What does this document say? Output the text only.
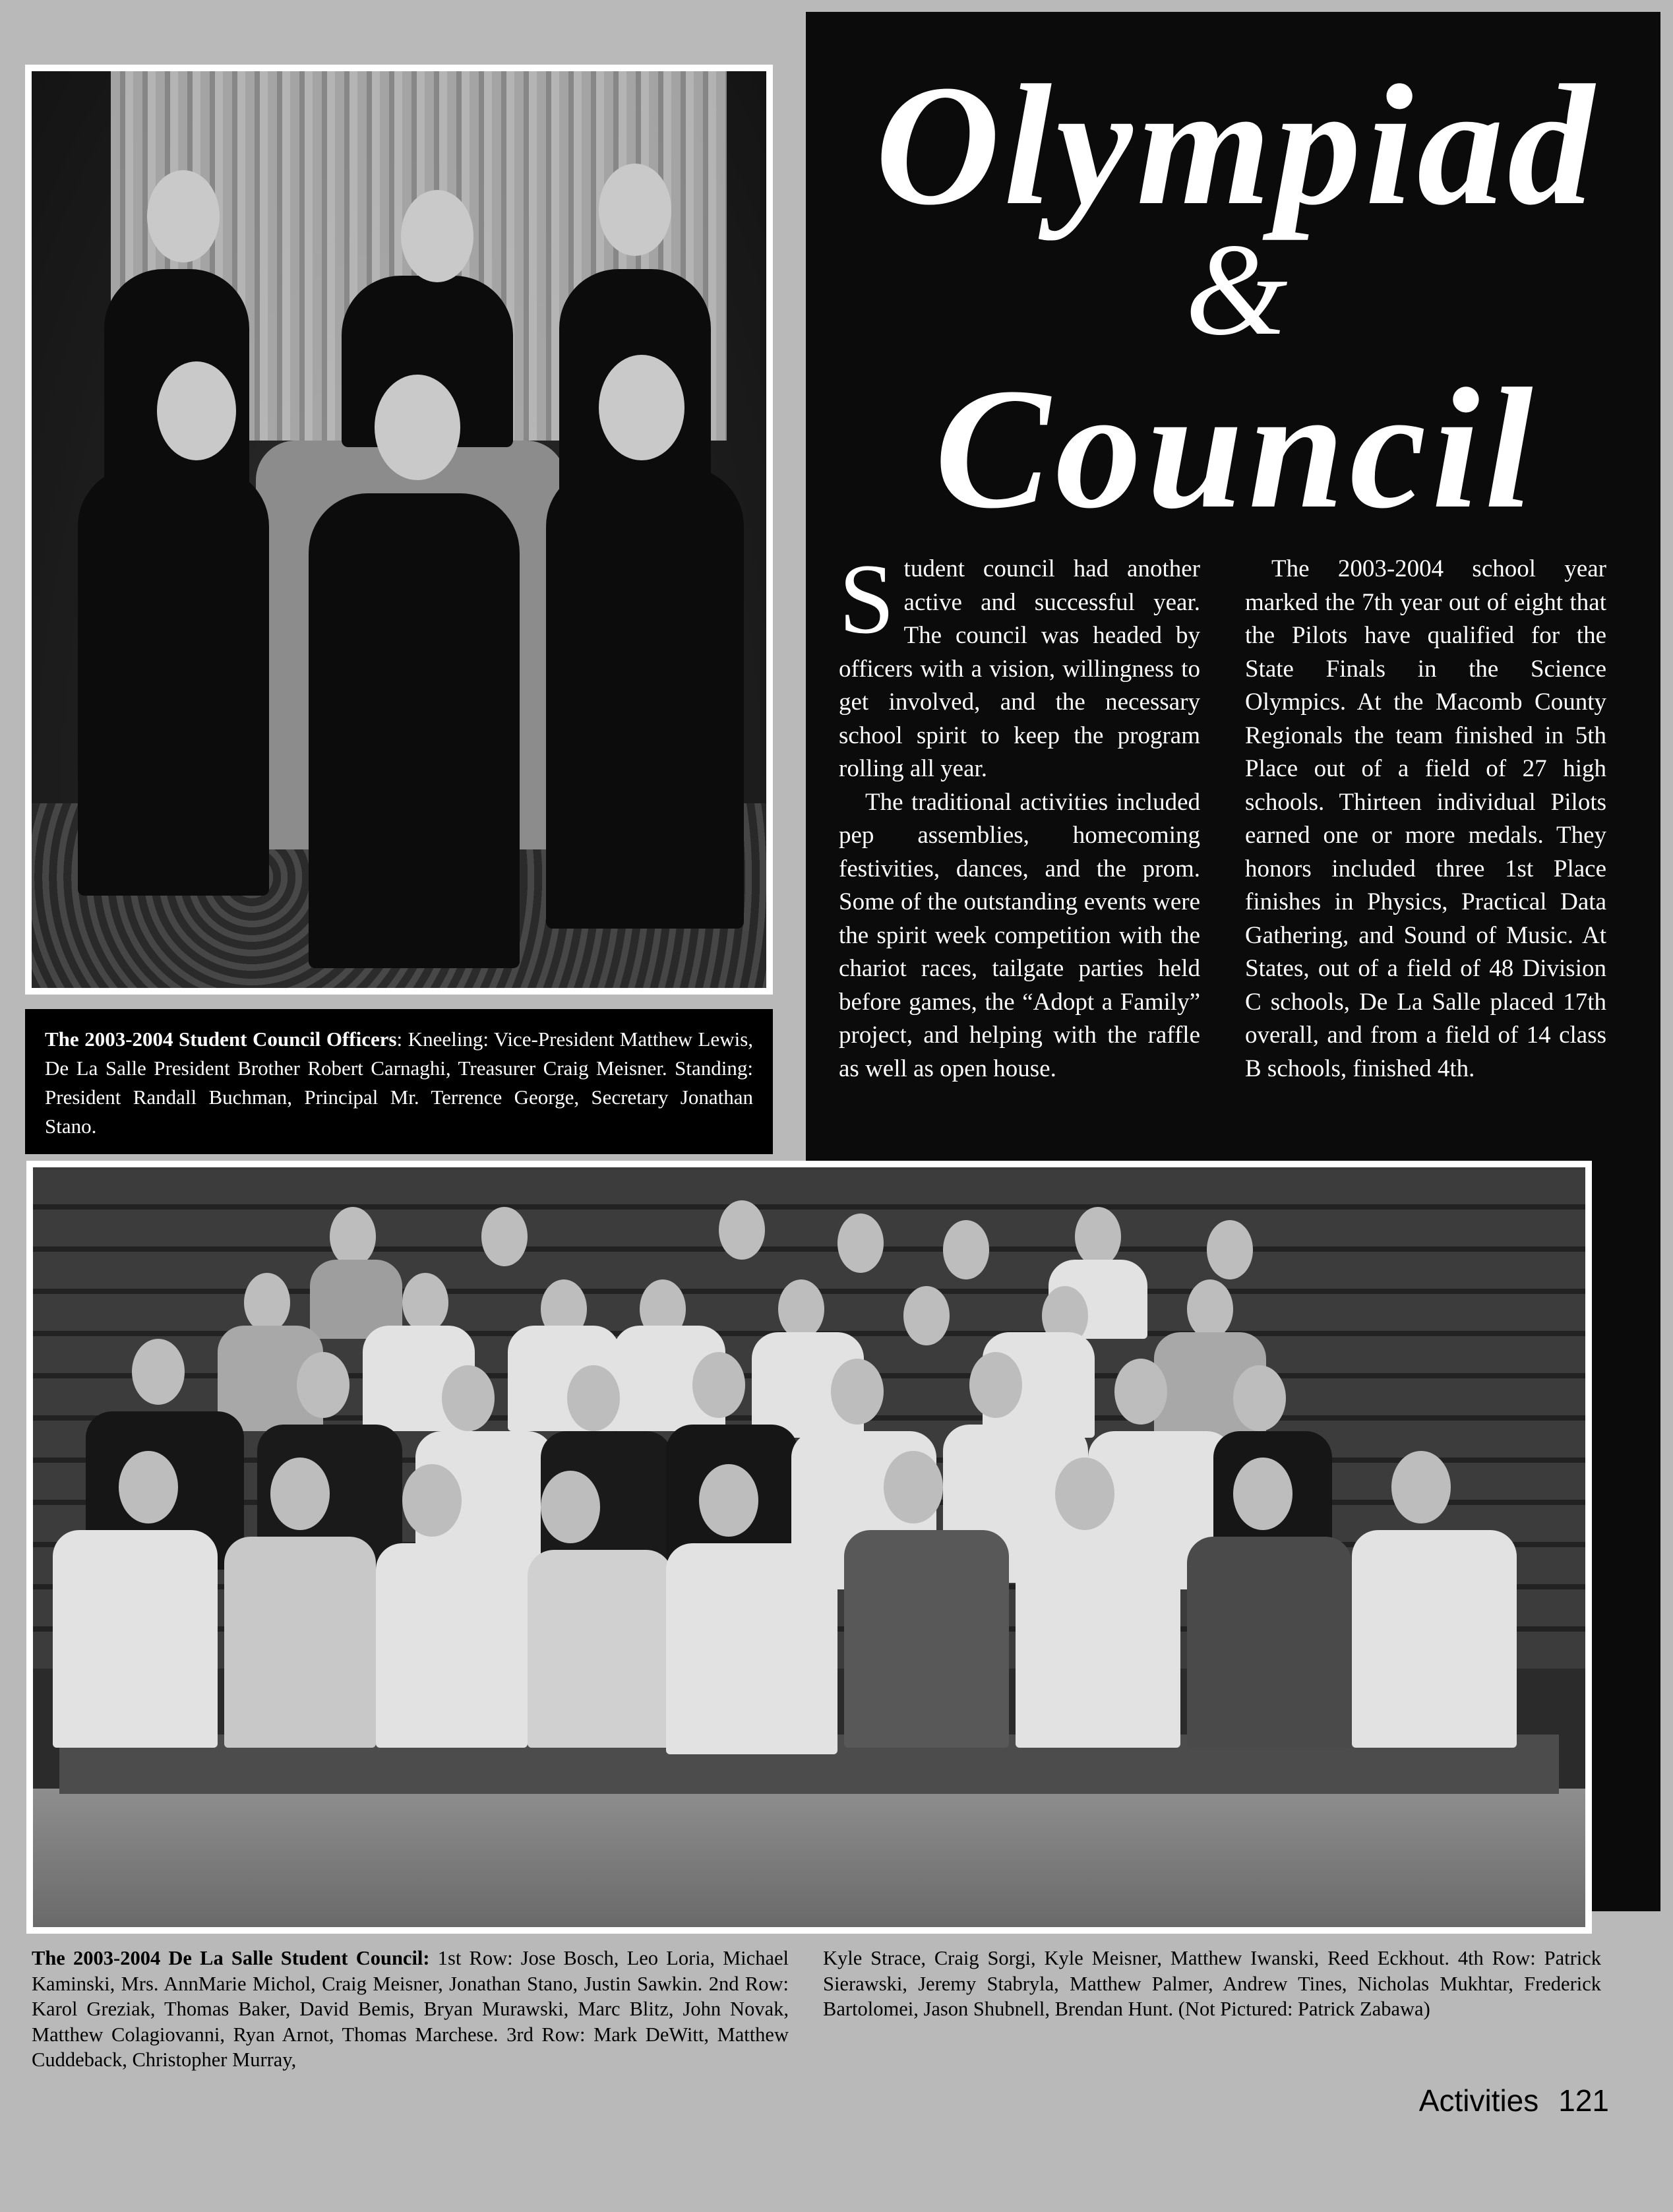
The 2003-2004 Student Council Officers: Kneeling: Vice-President Matthew Lewis, De La Salle President Brother Robert Carnaghi, Treasurer Craig Meisner. Standing: President Randall Buchman, Principal Mr. Terrence George, Secretary Jonathan Stano.
Olympiad
&
Council

Student council had another active and successful year. The council was headed by officers with a vision, willingness to get involved, and the necessary school spirit to keep the program rolling all year.

The traditional activities included pep assemblies, homecoming festivities, dances, and the prom. Some of the outstanding events were the spirit week competition with the chariot races, tailgate parties held before games, the “Adopt a Family” project, and helping with the raffle as well as open house.

The 2003-2004 school year marked the 7th year out of eight that the Pilots have qualified for the State Finals in the Science Olympics. At the Macomb County Regionals the team finished in 5th Place out of a field of 27 high schools. Thirteen individual Pilots earned one or more medals. They honors included three 1st Place finishes in Physics, Practical Data Gathering, and Sound of Music. At States, out of a field of 48 Division C schools, De La Salle placed 17th overall, and from a field of 14 class B schools, finished 4th.

The 2003-2004 De La Salle Student Council: 1st Row: Jose Bosch, Leo Loria, Michael Kaminski, Mrs. AnnMarie Michol, Craig Meisner, Jonathan Stano, Justin Sawkin. 2nd Row: Karol Greziak, Thomas Baker, David Bemis, Bryan Murawski, Marc Blitz, John Novak, Matthew Colagiovanni, Ryan Arnot, Thomas Marchese. 3rd Row: Mark DeWitt, Matthew Cuddeback, Christopher Murray,
Kyle Strace, Craig Sorgi, Kyle Meisner, Matthew Iwanski, Reed Eckhout. 4th Row: Patrick Sierawski, Jeremy Stabryla, Matthew Palmer, Andrew Tines, Nicholas Mukhtar, Frederick Bartolomei, Jason Shubnell, Brendan Hunt. (Not Pictured: Patrick Zabawa)
Activities 121
